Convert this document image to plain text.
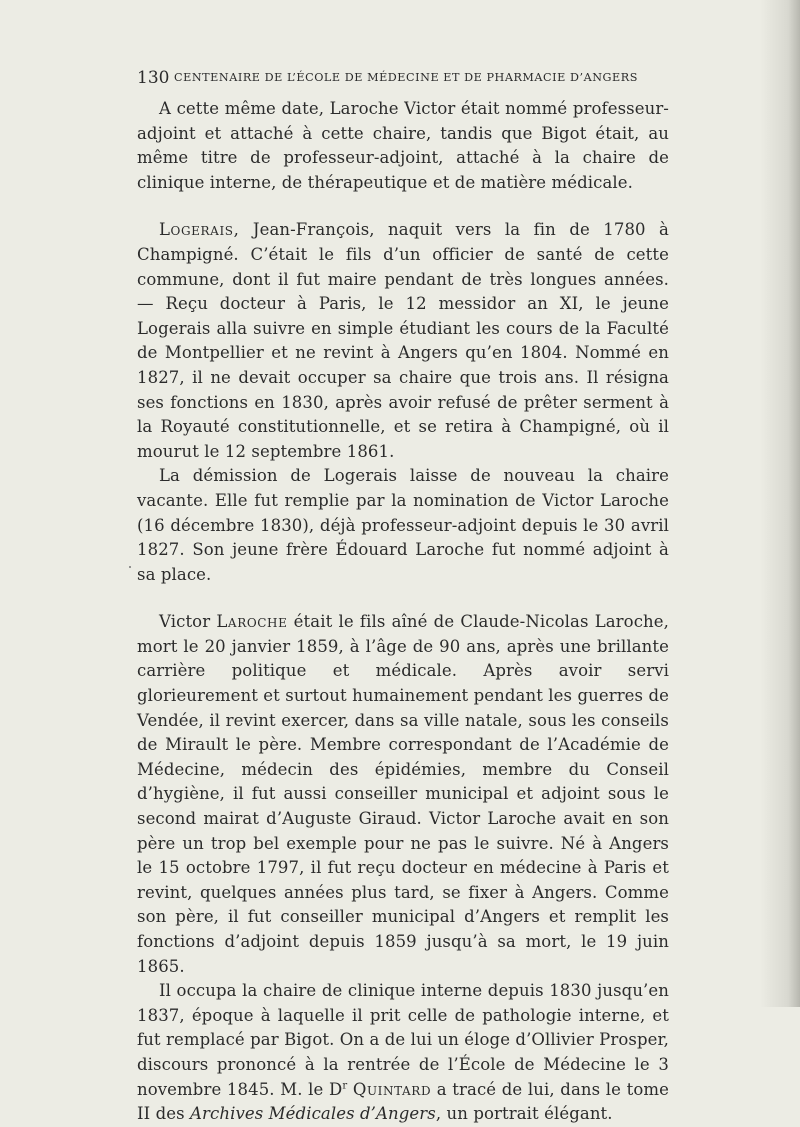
130 CENTENAIRE DE L’ÉCOLE DE MÉDECINE ET DE PHARMACIE D’ANGERS

A cette même date, Laroche Victor était nommé professeur-adjoint et attaché à cette chaire, tandis que Bigot était, au même titre de professeur-adjoint, attaché à la chaire de clinique interne, de thérapeutique et de matière médicale.

Logerais, Jean-François, naquit vers la fin de 1780 à Champigné. C’était le fils d’un officier de santé de cette commune, dont il fut maire pendant de très longues années. — Reçu docteur à Paris, le 12 messidor an XI, le jeune Logerais alla suivre en simple étudiant les cours de la Faculté de Montpellier et ne revint à Angers qu’en 1804. Nommé en 1827, il ne devait occuper sa chaire que trois ans. Il résigna ses fonctions en 1830, après avoir refusé de prêter serment à la Royauté constitutionnelle, et se retira à Champigné, où il mourut le 12 septembre 1861.

La démission de Logerais laisse de nouveau la chaire vacante. Elle fut remplie par la nomination de Victor Laroche (16 décembre 1830), déjà professeur-adjoint depuis le 30 avril 1827. Son jeune frère Édouard Laroche fut nommé adjoint à sa place.

Victor Laroche était le fils aîné de Claude-Nicolas Laroche, mort le 20 janvier 1859, à l’âge de 90 ans, après une brillante carrière politique et médicale. Après avoir servi glorieurement et surtout humainement pendant les guerres de Vendée, il revint exercer, dans sa ville natale, sous les conseils de Mirault le père. Membre correspondant de l’Académie de Médecine, médecin des épidémies, membre du Conseil d’hygiène, il fut aussi conseiller municipal et adjoint sous le second mairat d’Auguste Giraud. Victor Laroche avait en son père un trop bel exemple pour ne pas le suivre. Né à Angers le 15 octobre 1797, il fut reçu docteur en médecine à Paris et revint, quelques années plus tard, se fixer à Angers. Comme son père, il fut conseiller municipal d’Angers et remplit les fonctions d’adjoint depuis 1859 jusqu’à sa mort, le 19 juin 1865.

Il occupa la chaire de clinique interne depuis 1830 jusqu’en 1837, époque à laquelle il prit celle de pathologie interne, et fut remplacé par Bigot. On a de lui un éloge d’Ollivier Prosper, discours prononcé à la rentrée de l’École de Médecine le 3 novembre 1845. M. le $D^r$ Quintard a tracé de lui, dans le tome II des Archives Médicales d’Angers, un portrait élégant.
